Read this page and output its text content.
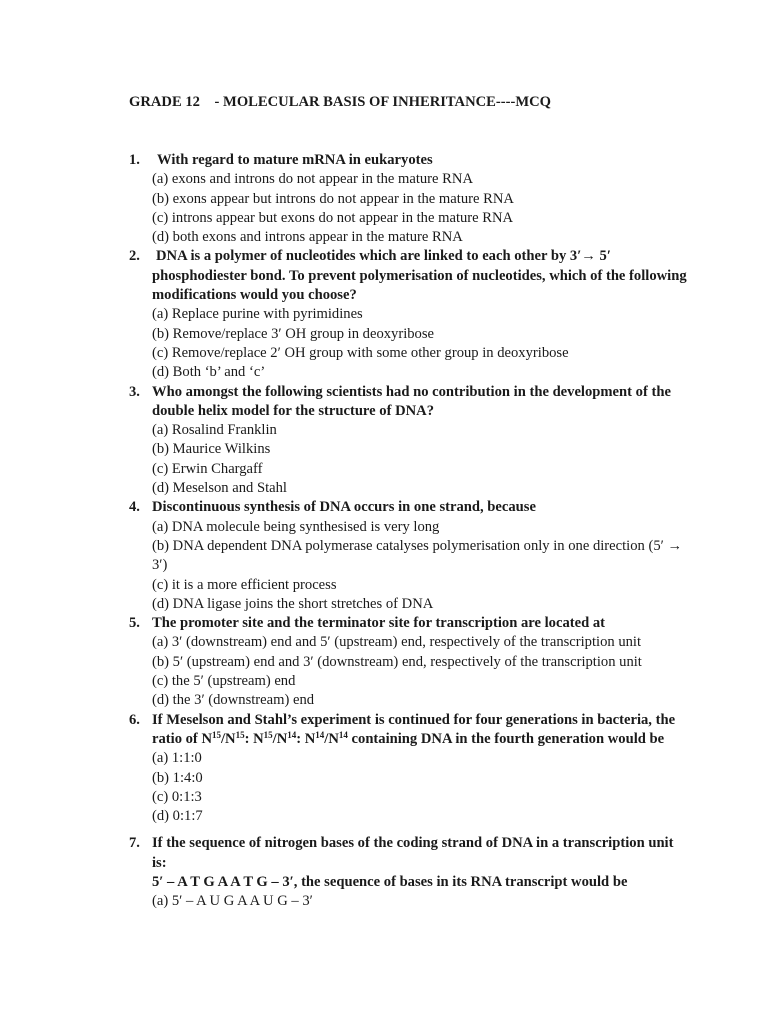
GRADE 12    - MOLECULAR BASIS OF INHERITANCE----MCQ
1.	With regard to mature mRNA in eukaryotes
(a) exons and introns do not appear in the mature RNA
(b) exons appear but introns do not appear in the mature RNA
(c) introns appear but exons do not appear in the mature RNA
(d) both exons and introns appear in the mature RNA
2. DNA is a polymer of nucleotides which are linked to each other by 3′→ 5′ phosphodiester bond. To prevent polymerisation of nucleotides, which of the following modifications would you choose?
(a) Replace purine with pyrimidines
(b) Remove/replace 3′ OH group in deoxyribose
(c) Remove/replace 2′ OH group with some other group in deoxyribose
(d) Both ‘b’ and ‘c’
3. Who amongst the following scientists had no contribution in the development of the double helix model for the structure of DNA?
(a) Rosalind Franklin
(b) Maurice Wilkins
(c) Erwin Chargaff
(d) Meselson and Stahl
4. Discontinuous synthesis of DNA occurs in one strand, because
(a) DNA molecule being synthesised is very long
(b) DNA dependent DNA polymerase catalyses polymerisation only in one direction (5′ → 3′)
(c) it is a more efficient process
(d) DNA ligase joins the short stretches of DNA
5. The promoter site and the terminator site for transcription are located at
(a) 3′ (downstream) end and 5′ (upstream) end, respectively of the transcription unit
(b) 5′ (upstream) end and 3′ (downstream) end, respectively of the transcription unit
(c) the 5′ (upstream) end
(d) the 3′ (downstream) end
6. If Meselson and Stahl’s experiment is continued for four generations in bacteria, the ratio of $N^{15}/N^{15}$: $N^{15}/N^{14}$: $N^{14}/N^{14}$ containing DNA in the fourth generation would be
(a) 1:1:0
(b) 1:4:0
(c) 0:1:3
(d) 0:1:7
7. If the sequence of nitrogen bases of the coding strand of DNA in a transcription unit is:
5′ – A T G A A T G – 3′, the sequence of bases in its RNA transcript would be
(a) 5′ – A U G A A U G – 3′
